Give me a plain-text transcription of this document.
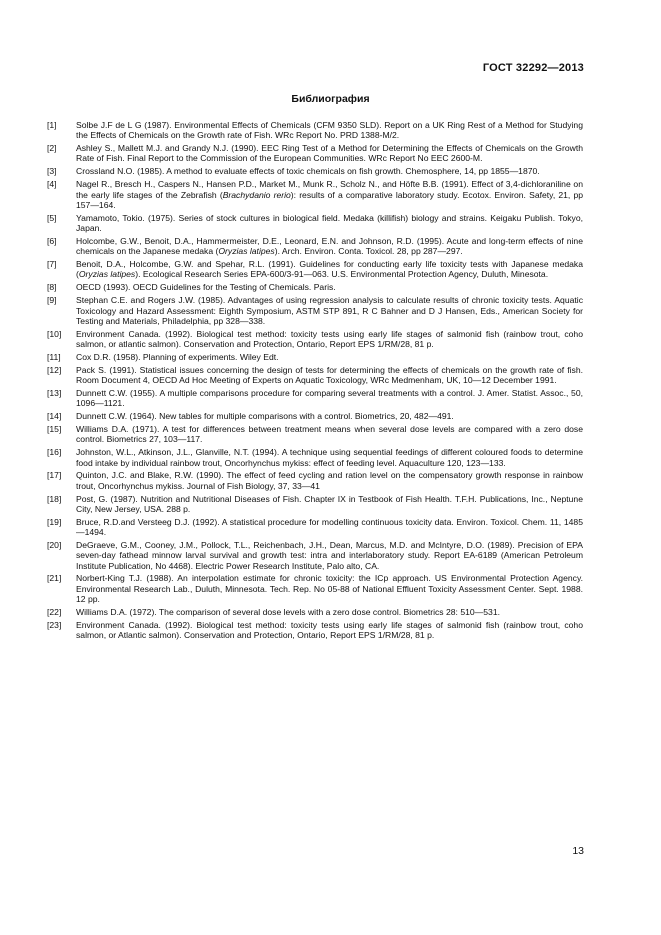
ГОСТ 32292—2013
Библиография
[1]	Solbe J.F de L G (1987). Environmental Effects of Chemicals (CFM 9350 SLD). Report on a UK Ring Rest of a Method for Studying the Effects of Chemicals on the Growth rate of Fish. WRc Report No. PRD 1388-M/2.
[2]	Ashley S., Mallett M.J. and Grandy N.J. (1990). EEC Ring Test of a Method for Determining the Effects of Chemicals on the Growth Rate of Fish. Final Report to the Commission of the European Communities. WRc Report No EEC 2600-M.
[3]	Crossland N.O. (1985). A method to evaluate effects of toxic chemicals on fish growth. Chemosphere, 14, pp 1855—1870.
[4]	Nagel R., Bresch H., Caspers N., Hansen P.D., Market M., Munk R., Scholz N., and Höfte B.B. (1991). Effect of 3,4-dichloraniline on the early life stages of the Zebrafish (Brachydanio rerio): results of a comparative laboratory study. Ecotox. Environ. Safety, 21, pp 157—164.
[5]	Yamamoto, Tokio. (1975). Series of stock cultures in biological field. Medaka (killifish) biology and strains. Keigaku Publish. Tokyo, Japan.
[6]	Holcombe, G.W., Benoit, D.A., Hammermeister, D.E., Leonard, E.N. and Johnson, R.D. (1995). Acute and long-term effects of nine chemicals on the Japanese medaka (Oryzias latipes). Arch. Environ. Conta. Toxicol. 28, pp 287—297.
[7]	Benoit, D.A., Holcombe, G.W. and Spehar, R.L. (1991). Guidelines for conducting early life toxicity tests with Japanese medaka (Oryzias latipes). Ecological Research Series EPA-600/3-91—063. U.S. Environmental Protection Agency, Duluth, Minesota.
[8]	OECD (1993). OECD Guidelines for the Testing of Chemicals. Paris.
[9]	Stephan C.E. and Rogers J.W. (1985). Advantages of using regression analysis to calculate results of chronic toxicity tests. Aquatic Toxicology and Hazard Assessment: Eighth Symposium, ASTM STP 891, R C Bahner and D J Hansen, Eds., American Society for Testing and Materials, Philadelphia, pp 328—338.
[10]	Environment Canada. (1992). Biological test method: toxicity tests using early life stages of salmonid fish (rainbow trout, coho salmon, or atlantic salmon). Conservation and Protection, Ontario, Report EPS 1/RM/28, 81 p.
[11]	Cox D.R. (1958). Planning of experiments. Wiley Edt.
[12]	Pack S. (1991). Statistical issues concerning the design of tests for determining the effects of chemicals on the growth rate of fish. Room Document 4, OECD Ad Hoc Meeting of Experts on Aquatic Toxicology, WRc Medmenham, UK, 10—12 December 1991.
[13]	Dunnett C.W. (1955). A multiple comparisons procedure for comparing several treatments with a control. J. Amer. Statist. Assoc., 50, 1096—1121.
[14]	Dunnett C.W. (1964). New tables for multiple comparisons with a control. Biometrics, 20, 482—491.
[15]	Williams D.A. (1971). A test for differences between treatment means when several dose levels are compared with a zero dose control. Biometrics 27, 103—117.
[16]	Johnston, W.L., Atkinson, J.L., Glanville, N.T. (1994). A technique using sequential feedings of different coloured foods to determine food intake by individual rainbow trout, Oncorhynchus mykiss: effect of feeding level. Aquaculture 120, 123—133.
[17]	Quinton, J.C. and Blake, R.W. (1990). The effect of feed cycling and ration level on the compensatory growth response in rainbow trout, Oncorhynchus mykiss. Journal of Fish Biology, 37, 33—41
[18]	Post, G. (1987). Nutrition and Nutritional Diseases of Fish. Chapter IX in Testbook of Fish Health. T.F.H. Publications, Inc., Neptune City, New Jersey, USA. 288 p.
[19]	Bruce, R.D.and Versteeg D.J. (1992). A statistical procedure for modelling continuous toxicity data. Environ. Toxicol. Chem. 11, 1485—1494.
[20]	DeGraeve, G.M., Cooney, J.M., Pollock, T.L., Reichenbach, J.H., Dean, Marcus, M.D. and McIntyre, D.O. (1989). Precision of EPA seven-day fathead minnow larval survival and growth test: intra and interlaboratory study. Report EA-6189 (American Petroleum Institute Publication, No 4468). Electric Power Research Institute, Palo alto, CA.
[21]	Norbert-King T.J. (1988). An interpolation estimate for chronic toxicity: the ICp approach. US Environmental Protection Agency. Environmental Research Lab., Duluth, Minnesota. Tech. Rep. No 05-88 of National Effluent Toxicity Assessment Center. Sept. 1988. 12 pp.
[22]	Williams D.A. (1972). The comparison of several dose levels with a zero dose control. Biometrics 28: 510—531.
[23]	Environment Canada. (1992). Biological test method: toxicity tests using early life stages of salmonid fish (rainbow trout, coho salmon, or Atlantic salmon). Conservation and Protection, Ontario, Report EPS 1/RM/28, 81 p.
13
